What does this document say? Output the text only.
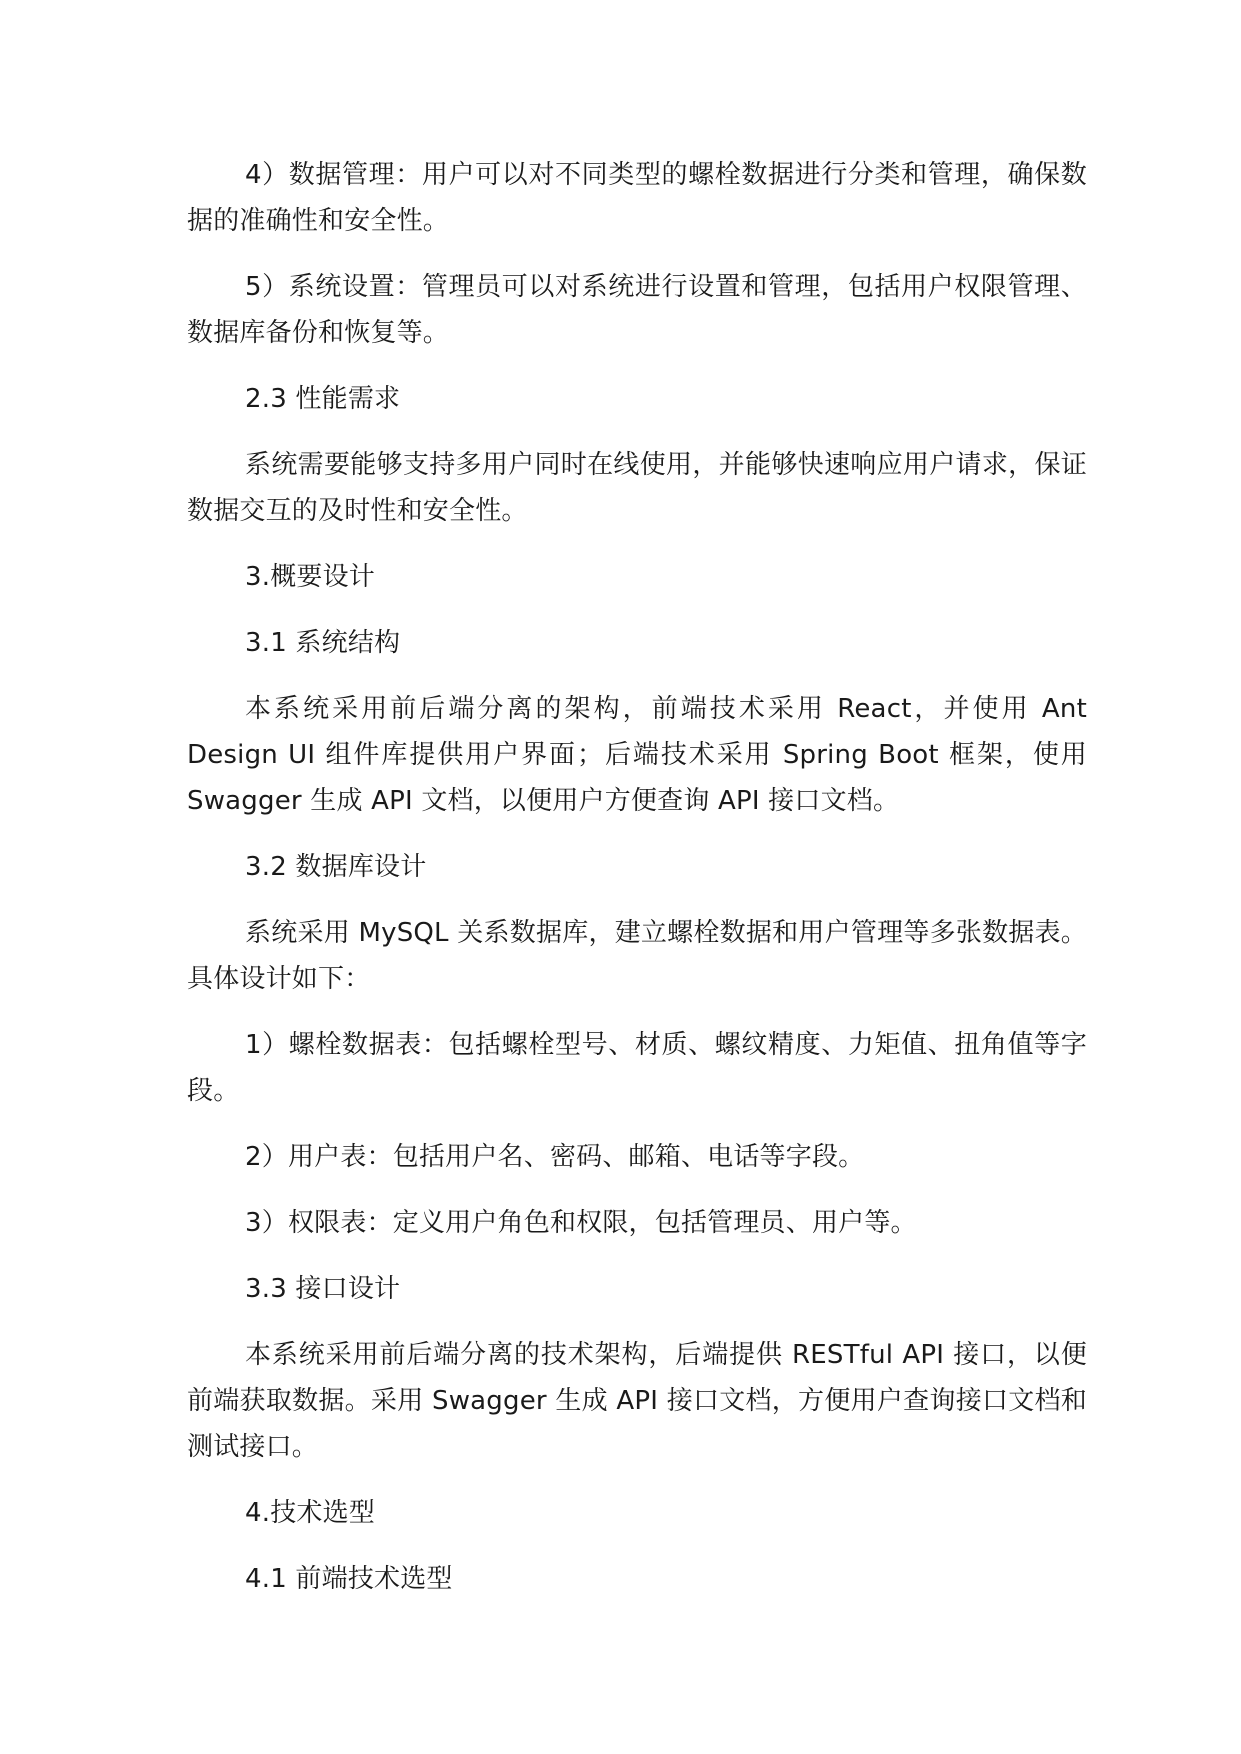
4）数据管理：用户可以对不同类型的螺栓数据进行分类和管理，确保数据的准确性和安全性。

5）系统设置：管理员可以对系统进行设置和管理，包括用户权限管理、数据库备份和恢复等。

2.3 性能需求

系统需要能够支持多用户同时在线使用，并能够快速响应用户请求，保证数据交互的及时性和安全性。

3.概要设计

3.1 系统结构

本系统采用前后端分离的架构，前端技术采用 React，并使用 Ant Design UI 组件库提供用户界面；后端技术采用 Spring Boot 框架，使用 Swagger 生成 API 文档，以便用户方便查询 API 接口文档。

3.2 数据库设计

系统采用 MySQL 关系数据库，建立螺栓数据和用户管理等多张数据表。具体设计如下：

1）螺栓数据表：包括螺栓型号、材质、螺纹精度、力矩值、扭角值等字段。

2）用户表：包括用户名、密码、邮箱、电话等字段。

3）权限表：定义用户角色和权限，包括管理员、用户等。

3.3 接口设计

本系统采用前后端分离的技术架构，后端提供 RESTful API 接口，以便前端获取数据。采用 Swagger 生成 API 接口文档，方便用户查询接口文档和测试接口。

4.技术选型

4.1 前端技术选型
